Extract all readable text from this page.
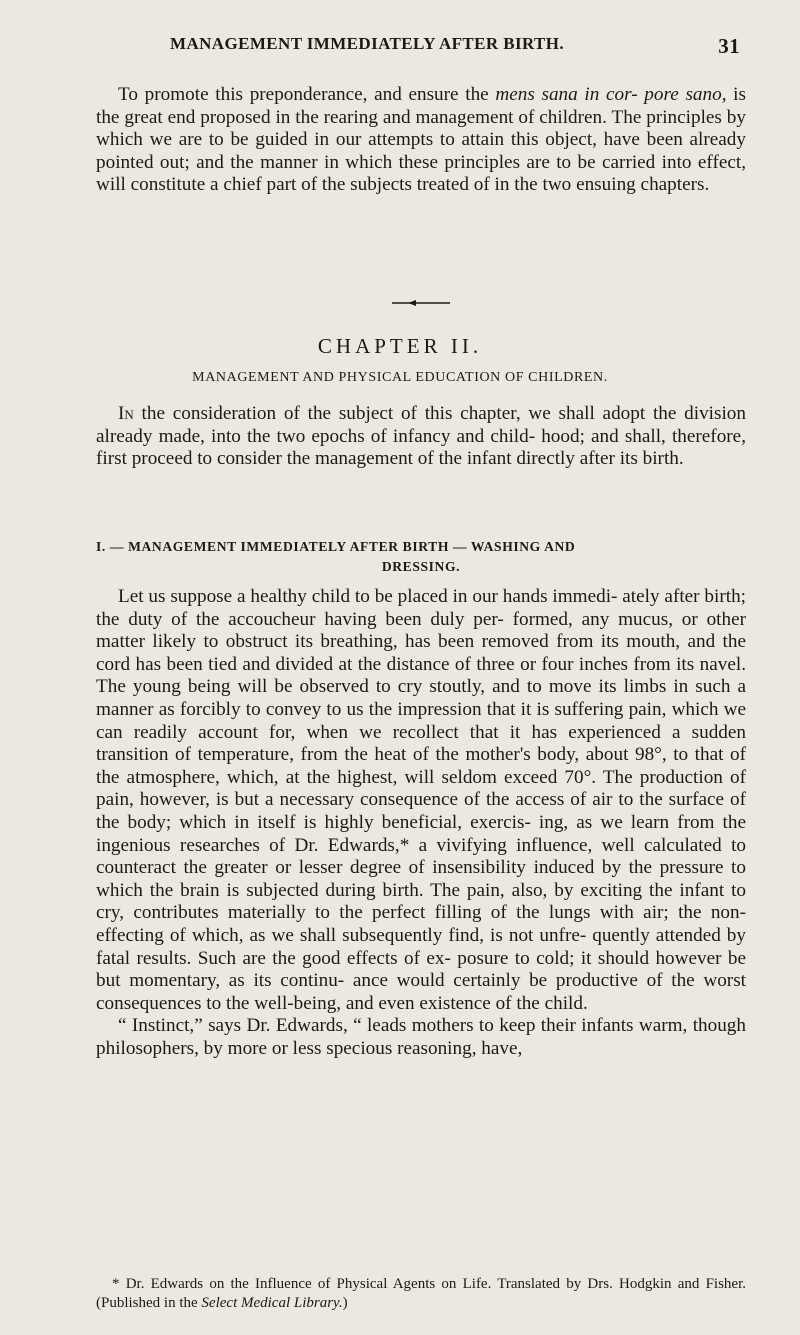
MANAGEMENT IMMEDIATELY AFTER BIRTH.	31

To promote this preponderance, and ensure the mens sana in cor- pore sano, is the great end proposed in the rearing and management of children. The principles by which we are to be guided in our attempts to attain this object, have been already pointed out; and the manner in which these principles are to be carried into effect, will constitute a chief part of the subjects treated of in the two ensuing chapters.

CHAPTER II.
MANAGEMENT AND PHYSICAL EDUCATION OF CHILDREN.

In the consideration of the subject of this chapter, we shall adopt the division already made, into the two epochs of infancy and child- hood; and shall, therefore, first proceed to consider the management of the infant directly after its birth.

I. — MANAGEMENT IMMEDIATELY AFTER BIRTH — WASHING AND
DRESSING.

Let us suppose a healthy child to be placed in our hands immedi- ately after birth; the duty of the accoucheur having been duly per- formed, any mucus, or other matter likely to obstruct its breathing, has been removed from its mouth, and the cord has been tied and divided at the distance of three or four inches from its navel. The young being will be observed to cry stoutly, and to move its limbs in such a manner as forcibly to convey to us the impression that it is suffering pain, which we can readily account for, when we recollect that it has experienced a sudden transition of temperature, from the heat of the mother's body, about 98°, to that of the atmosphere, which, at the highest, will seldom exceed 70°. The production of pain, however, is but a necessary consequence of the access of air to the surface of the body; which in itself is highly beneficial, exercis- ing, as we learn from the ingenious researches of Dr. Edwards,* a vivifying influence, well calculated to counteract the greater or lesser degree of insensibility induced by the pressure to which the brain is subjected during birth. The pain, also, by exciting the infant to cry, contributes materially to the perfect filling of the lungs with air; the non-effecting of which, as we shall subsequently find, is not unfre- quently attended by fatal results. Such are the good effects of ex- posure to cold; it should however be but momentary, as its continu- ance would certainly be productive of the worst consequences to the well-being, and even existence of the child.

“ Instinct,” says Dr. Edwards, “ leads mothers to keep their infants warm, though philosophers, by more or less specious reasoning, have,

* Dr. Edwards on the Influence of Physical Agents on Life. Translated by Drs. Hodgkin and Fisher. (Published in the Select Medical Library.)
